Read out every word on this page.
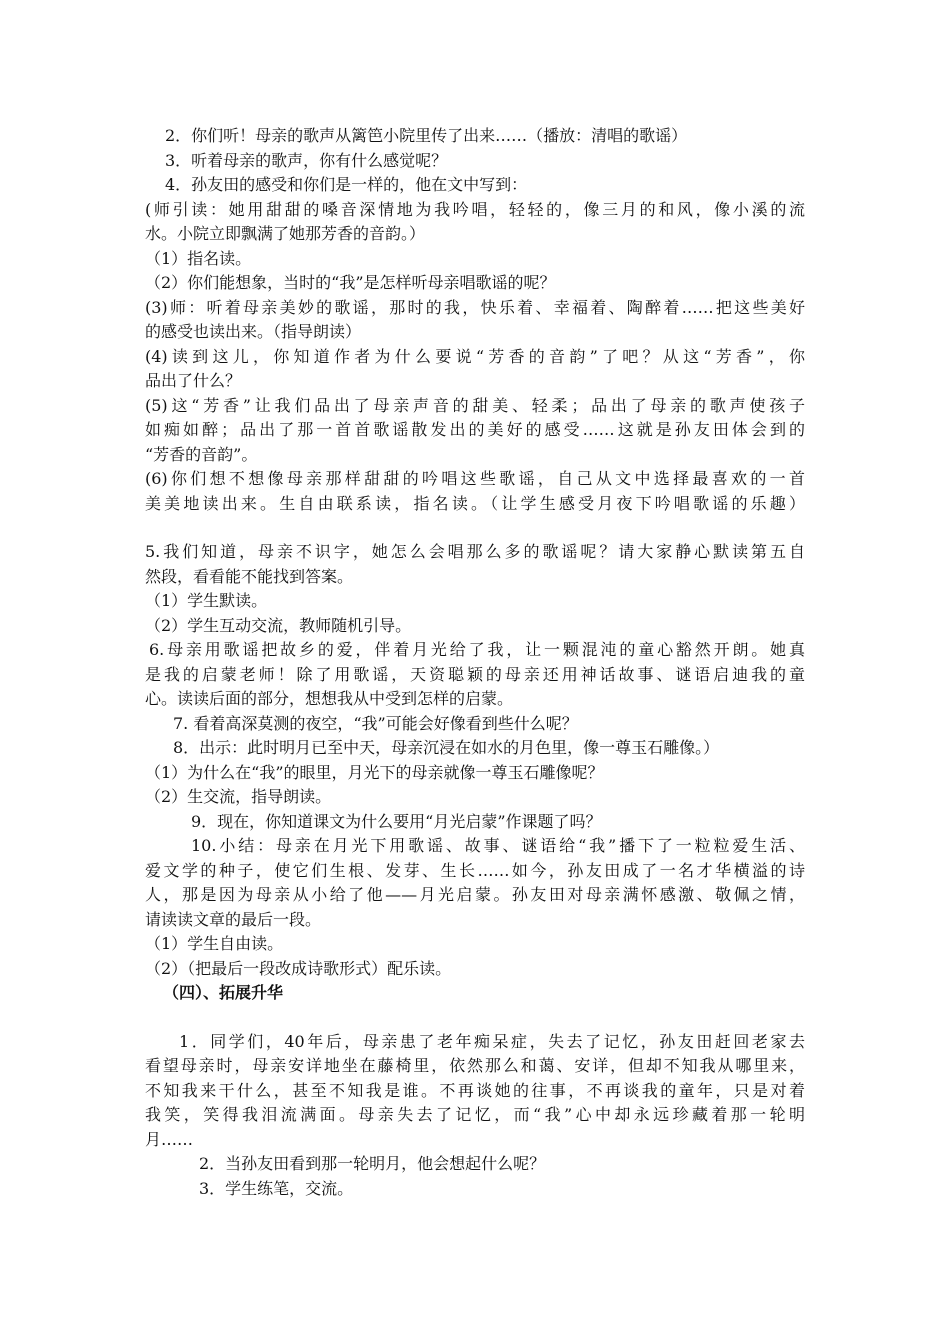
2．你们听！母亲的歌声从篱笆小院里传了出来……（播放：清唱的歌谣）

3．听着母亲的歌声，你有什么感觉呢？

4．孙友田的感受和你们是一样的，他在文中写到：

(师引读：她用甜甜的嗓音深情地为我吟唱，轻轻的，像三月的和风，像小溪的流

水。小院立即飘满了她那芳香的音韵。）

（1）指名读。

（2）你们能想象，当时的“我”是怎样听母亲唱歌谣的呢？

(3)师：听着母亲美妙的歌谣，那时的我，快乐着、幸福着、陶醉着……把这些美好

的感受也读出来。（指导朗读）

(4)读到这儿，你知道作者为什么要说“芳香的音韵”了吧？从这“芳香”，你

品出了什么？

(5)这“芳香”让我们品出了母亲声音的甜美、轻柔；品出了母亲的歌声使孩子

如痴如醉；品出了那一首首歌谣散发出的美好的感受……这就是孙友田体会到的

“芳香的音韵”。

(6)你们想不想像母亲那样甜甜的吟唱这些歌谣，自己从文中选择最喜欢的一首

美美地读出来。生自由联系读，指名读。（让学生感受月夜下吟唱歌谣的乐趣）

5.我们知道，母亲不识字，她怎么会唱那么多的歌谣呢？请大家静心默读第五自

然段，看看能不能找到答案。

（1）学生默读。

（2）学生互动交流，教师随机引导。

6.母亲用歌谣把故乡的爱，伴着月光给了我，让一颗混沌的童心豁然开朗。她真

是我的启蒙老师！除了用歌谣，天资聪颖的母亲还用神话故事、谜语启迪我的童

心。读读后面的部分，想想我从中受到怎样的启蒙。

7. 看着高深莫测的夜空，“我”可能会好像看到些什么呢？

8．出示：此时明月已至中天，母亲沉浸在如水的月色里，像一尊玉石雕像。）

（1）为什么在“我”的眼里，月光下的母亲就像一尊玉石雕像呢？

（2）生交流，指导朗读。

9．现在，你知道课文为什么要用“月光启蒙”作课题了吗？

10.小结：母亲在月光下用歌谣、故事、谜语给“我”播下了一粒粒爱生活、

爱文学的种子，使它们生根、发芽、生长……如今，孙友田成了一名才华横溢的诗

人，那是因为母亲从小给了他——月光启蒙。孙友田对母亲满怀感激、敬佩之情，

请读读文章的最后一段。

（1）学生自由读。

（2）（把最后一段改成诗歌形式）配乐读。

（四）、拓展升华

1．同学们，40年后，母亲患了老年痴呆症，失去了记忆，孙友田赶回老家去

看望母亲时，母亲安详地坐在藤椅里，依然那么和蔼、安详，但却不知我从哪里来，

不知我来干什么，甚至不知我是谁。不再谈她的往事，不再谈我的童年，只是对着

我笑，笑得我泪流满面。母亲失去了记忆，而“我”心中却永远珍藏着那一轮明

月……

2．当孙友田看到那一轮明月，他会想起什么呢？

3．学生练笔，交流。
